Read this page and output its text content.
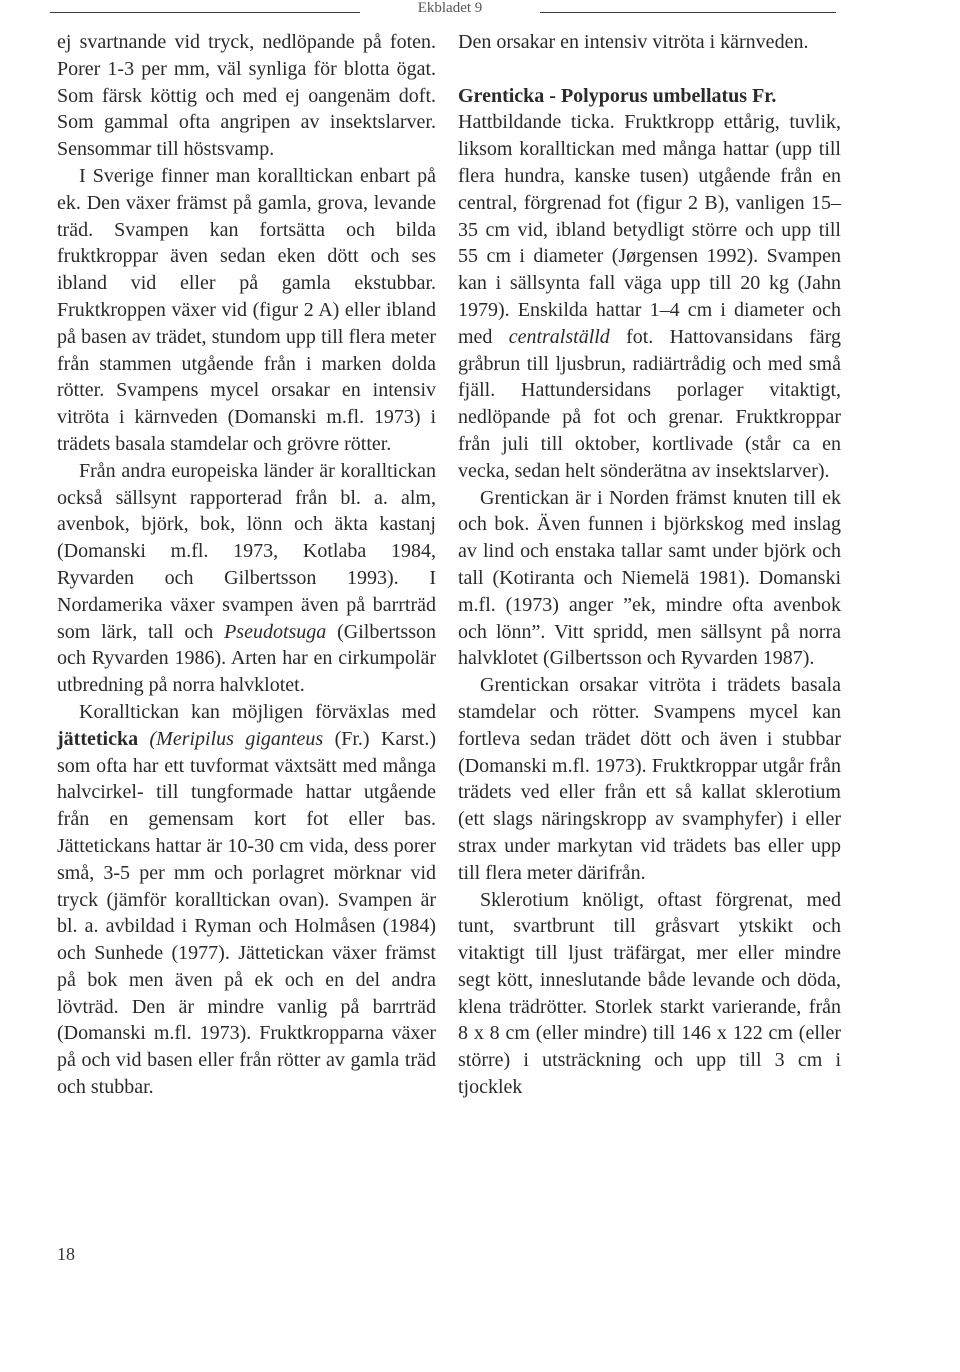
Ekbladet 9

ej svartnande vid tryck, nedlöpande på foten. Porer 1-3 per mm, väl synliga för blotta ögat. Som färsk köttig och med ej oangenäm doft. Som gammal ofta angripen av insektslarver. Sensommar till höstsvamp.

I Sverige finner man koralltickan enbart på ek. Den växer främst på gamla, grova, levande träd. Svampen kan fortsätta och bilda fruktkroppar även sedan eken dött och ses ibland vid eller på gamla ekstubbar. Fruktkroppen växer vid (figur 2 A) eller ibland på basen av trädet, stundom upp till flera meter från stammen utgående från i marken dolda rötter. Svampens mycel orsakar en intensiv vitröta i kärnveden (Domanski m.fl. 1973) i trädets basala stamdelar och grövre rötter.

Från andra europeiska länder är koralltickan också sällsynt rapporterad från bl. a. alm, avenbok, björk, bok, lönn och äkta kastanj (Domanski m.fl. 1973, Kotlaba 1984, Ryvarden och Gilbertsson 1993). I Nordamerika växer svampen även på barrträd som lärk, tall och Pseudotsuga (Gilbertsson och Ryvarden 1986). Arten har en cirkumpolär utbredning på norra halvklotet.

Koralltickan kan möjligen förväxlas med jätteticka (Meripilus giganteus (Fr.) Karst.) som ofta har ett tuvformat växtsätt med många halvcirkel- till tungformade hattar utgående från en gemensam kort fot eller bas. Jättetickans hattar är 10-30 cm vida, dess porer små, 3-5 per mm och porlagret mörknar vid tryck (jämför koralltickan ovan). Svampen är bl. a. avbildad i Ryman och Holmåsen (1984) och Sunhede (1977). Jättetickan växer främst på bok men även på ek och en del andra lövträd. Den är mindre vanlig på barrträd (Domanski m.fl. 1973). Fruktkropparna växer på och vid basen eller från rötter av gamla träd och stubbar.

Den orsakar en intensiv vitröta i kärnveden.

Grenticka - Polyporus umbellatus Fr.

Hattbildande ticka. Fruktkropp ettårig, tuvlik, liksom koralltickan med många hattar (upp till flera hundra, kanske tusen) utgående från en central, förgrenad fot (figur 2 B), vanligen 15–35 cm vid, ibland betydligt större och upp till 55 cm i diameter (Jørgensen 1992). Svampen kan i sällsynta fall väga upp till 20 kg (Jahn 1979). Enskilda hattar 1–4 cm i diameter och med centralställd fot. Hattovansidans färg gråbrun till ljusbrun, radiärtrådig och med små fjäll. Hattundersidans porlager vitaktigt, nedlöpande på fot och grenar. Fruktkroppar från juli till oktober, kortlivade (står ca en vecka, sedan helt sönderätna av insektslarver).

Grentickan är i Norden främst knuten till ek och bok. Även funnen i björkskog med inslag av lind och enstaka tallar samt under björk och tall (Kotiranta och Niemelä 1981). Domanski m.fl. (1973) anger ”ek, mindre ofta avenbok och lönn”. Vitt spridd, men sällsynt på norra halvklotet (Gilbertsson och Ryvarden 1987).

Grentickan orsakar vitröta i trädets basala stamdelar och rötter. Svampens mycel kan fortleva sedan trädet dött och även i stubbar (Domanski m.fl. 1973). Fruktkroppar utgår från trädets ved eller från ett så kallat sklerotium (ett slags näringskropp av svamphyfer) i eller strax under markytan vid trädets bas eller upp till flera meter därifrån.

Sklerotium knöligt, oftast förgrenat, med tunt, svartbrunt till gråsvart ytskikt och vitaktigt till ljust träfärgat, mer eller mindre segt kött, inneslutande både levande och döda, klena trädrötter. Storlek starkt varierande, från 8 x 8 cm (eller mindre) till 146 x 122 cm (eller större) i utsträckning och upp till 3 cm i tjocklek

18
